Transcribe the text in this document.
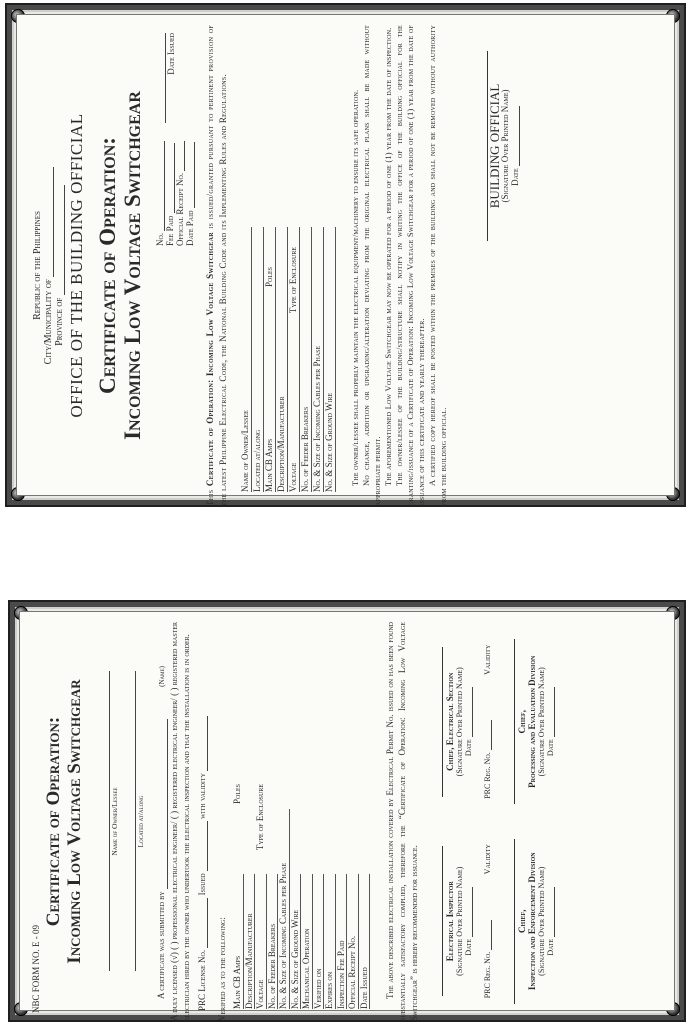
Republic of the Philippines
City/Municipality of Province of OFFICE OF THE BUILDING OFFICIAL Certificate of Operation: Incoming Low Voltage Switchgear No. Fee Paid Official Receipt No. Date Paid
Date Issued
This Certificate of Operation: Incoming Low Voltage Switchgear is issued/granted pursuant to pertinent provision of the latest Philippine Electrical Code, the National Building Code and its Implementing Rules and Regulations. Name of Owner/Lessee Located at/along Main CB Amps
Poles
Description/Manufacturer Voltage
Type of Enclosure
No. of Feeder Breakers No. & Size of Incoming Cables per Phase No. & Size of Ground Wire The owner/lessee shall properly maintain the electrical equipment/machinery to ensure its safe operation. No change, addition or upgrading/alteration deviating from the original electrical plans shall be made without appropriate permit. The aforementioned Low Voltage Switchgear may now be operated for a period of one (1) year from the date of inspection. The owner/lessee of the building/structure shall notify in writing the office of the building official for the granting/issuance of a Certificate of Operation: Incoming Low Voltage Switchgear for a period of one (1) year from the date of issuance of this certificate and yearly thereafter. A certified copy hereof shall be posted within the premises of the building and shall not be removed without authority from the building official.
BUILDING OFFICIAL
(Signature Over Printed Name) Date
NBC FORM NO. E - 09
Certificate of Operation: Incoming Low Voltage Switchgear	Name of Owner/Lessee Located at/along
A certificate was submitted by  (Name) A duly licensed (√) ( ) professional electrical engineer/ ( ) registered electrical engineer/ ( ) registered master electrician hired by the owner who undertook the electrical inspection and that the installation is in order. PRC License No.  Issued  with validity
Verified as to the following: Main CB Amps
Poles
Description/Manufacturer Voltage
Type of Enclosure
No. of Feeder Breakers No. & Size of Incoming Cables per Phase No. & Size of Ground Wire Mechanical Operation Verified on Expires on Inspection Fee Paid Official Receipt No. Date Issued The above described electrical installation covered by Electrical Permit No. issued on has been found substantially satisfactory complied, therefore the “Certificate of Operation: Incoming Low Voltage Switchgear” is hereby recommended for issuance.	Electrical Inspector (Signature Over Printed Name) Date
Chief, Electrical Section (Signature Over Printed Name) Date
PRC Reg. No.
Validity
PRC Reg. No.
Validity
Chief,
Inspection and Enforcement Division (Signature Over Printed Name) Date
Chief,
Processing and Evaluation Division (Signature Over Printed Name) Date
